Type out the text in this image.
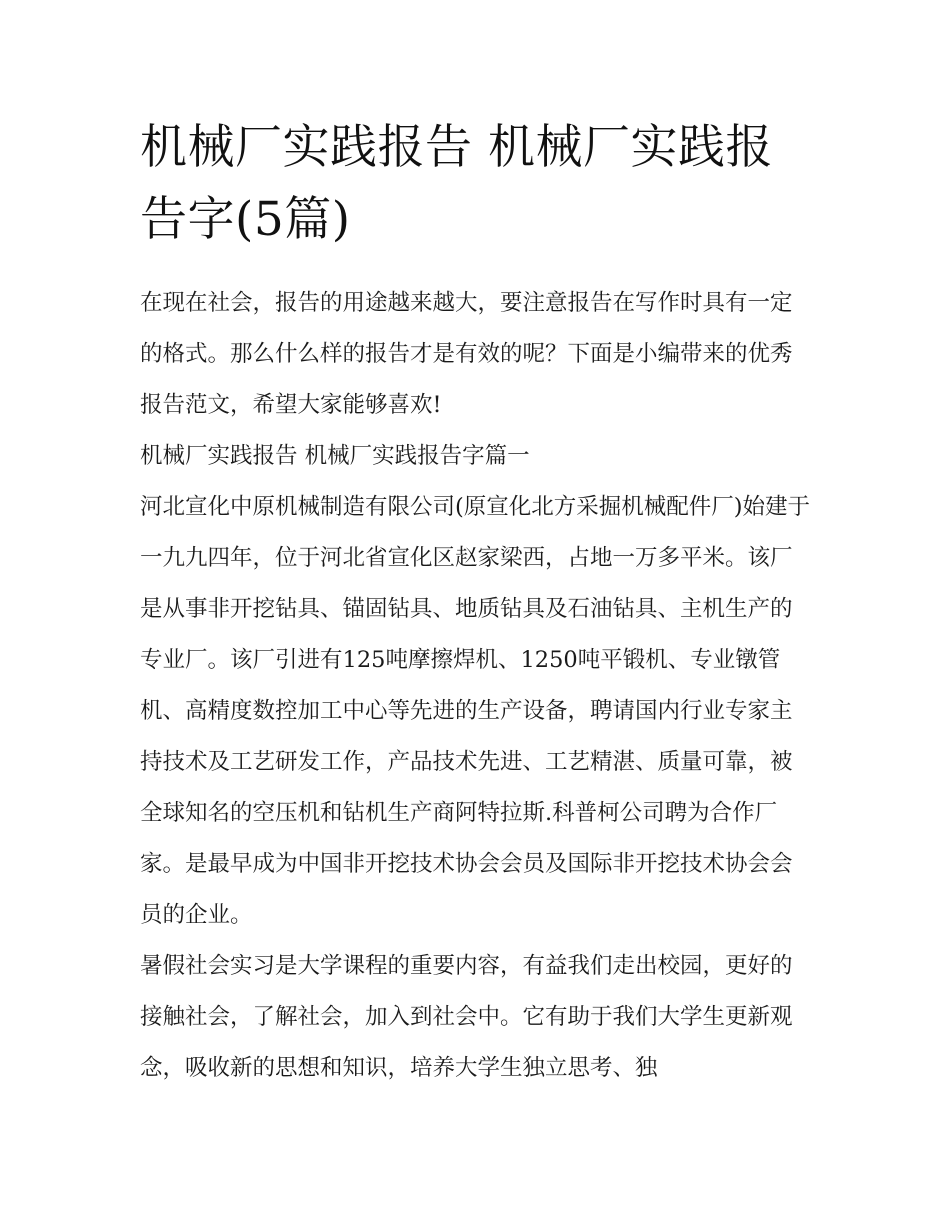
机械厂实践报告 机械厂实践报告字(5篇)

在现在社会，报告的用途越来越大，要注意报告在写作时具有一定的格式。那么什么样的报告才是有效的呢？下面是小编带来的优秀报告范文，希望大家能够喜欢!

机械厂实践报告 机械厂实践报告字篇一

河北宣化中原机械制造有限公司(原宣化北方采掘机械配件厂)始建于一九九四年，位于河北省宣化区赵家梁西，占地一万多平米。该厂是从事非开挖钻具、锚固钻具、地质钻具及石油钻具、主机生产的专业厂。该厂引进有125吨摩擦焊机、1250吨平锻机、专业镦管机、高精度数控加工中心等先进的生产设备，聘请国内行业专家主持技术及工艺研发工作，产品技术先进、工艺精湛、质量可靠，被全球知名的空压机和钻机生产商阿特拉斯.科普柯公司聘为合作厂家。是最早成为中国非开挖技术协会会员及国际非开挖技术协会会员的企业。

暑假社会实习是大学课程的重要内容，有益我们走出校园，更好的接触社会，了解社会，加入到社会中。它有助于我们大学生更新观念，吸收新的思想和知识，培养大学生独立思考、独
